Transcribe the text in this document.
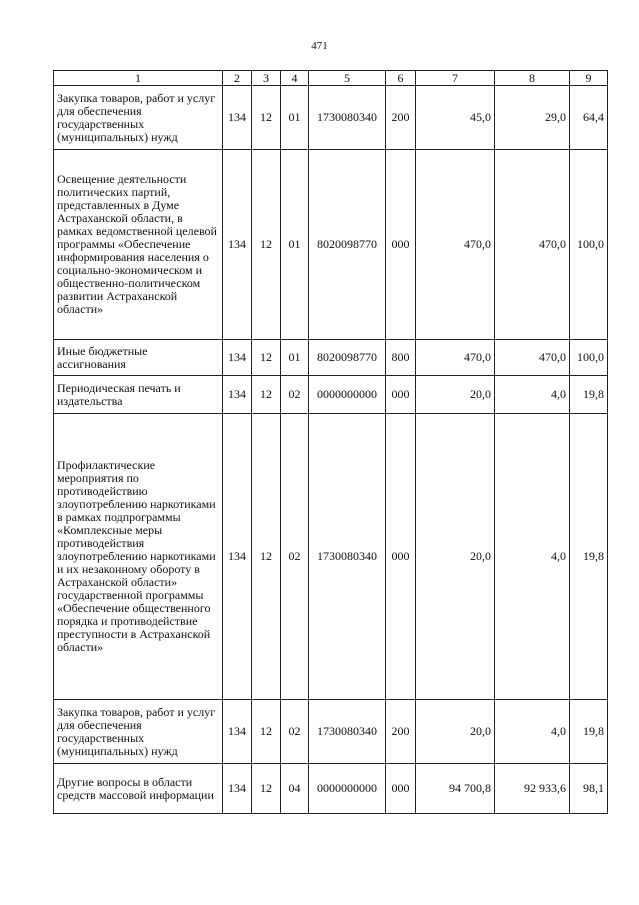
471
1	2	3	4	5	6	7	8	9
Закупка товаров, работ и услуг для обеспечения государственных (муниципальных) нужд	134	12	01	1730080340	200	45,0	29,0	64,4
Освещение деятельности политических партий, представленных в Думе Астраханской области, в рамках ведомственной целевой программы «Обеспечение информирования населения о социально-экономическом и общественно-политическом развитии Астраханской области»	134	12	01	8020098770	000	470,0	470,0	100,0
Иные бюджетные ассигнования	134	12	01	8020098770	800	470,0	470,0	100,0
Периодическая печать и издательства	134	12	02	0000000000	000	20,0	4,0	19,8
Профилактические мероприятия по противодействию злоупотреблению наркотиками в рамках подпрограммы «Комплексные меры противодействия злоупотреблению наркотиками и их незаконному обороту в Астраханской области» государственной программы «Обеспечение общественного порядка и противодействие преступности в Астраханской области»	134	12	02	1730080340	000	20,0	4,0	19,8
Закупка товаров, работ и услуг для обеспечения государственных (муниципальных) нужд	134	12	02	1730080340	200	20,0	4,0	19,8
Другие вопросы в области средств массовой информации	134	12	04	0000000000	000	94 700,8	92 933,6	98,1
